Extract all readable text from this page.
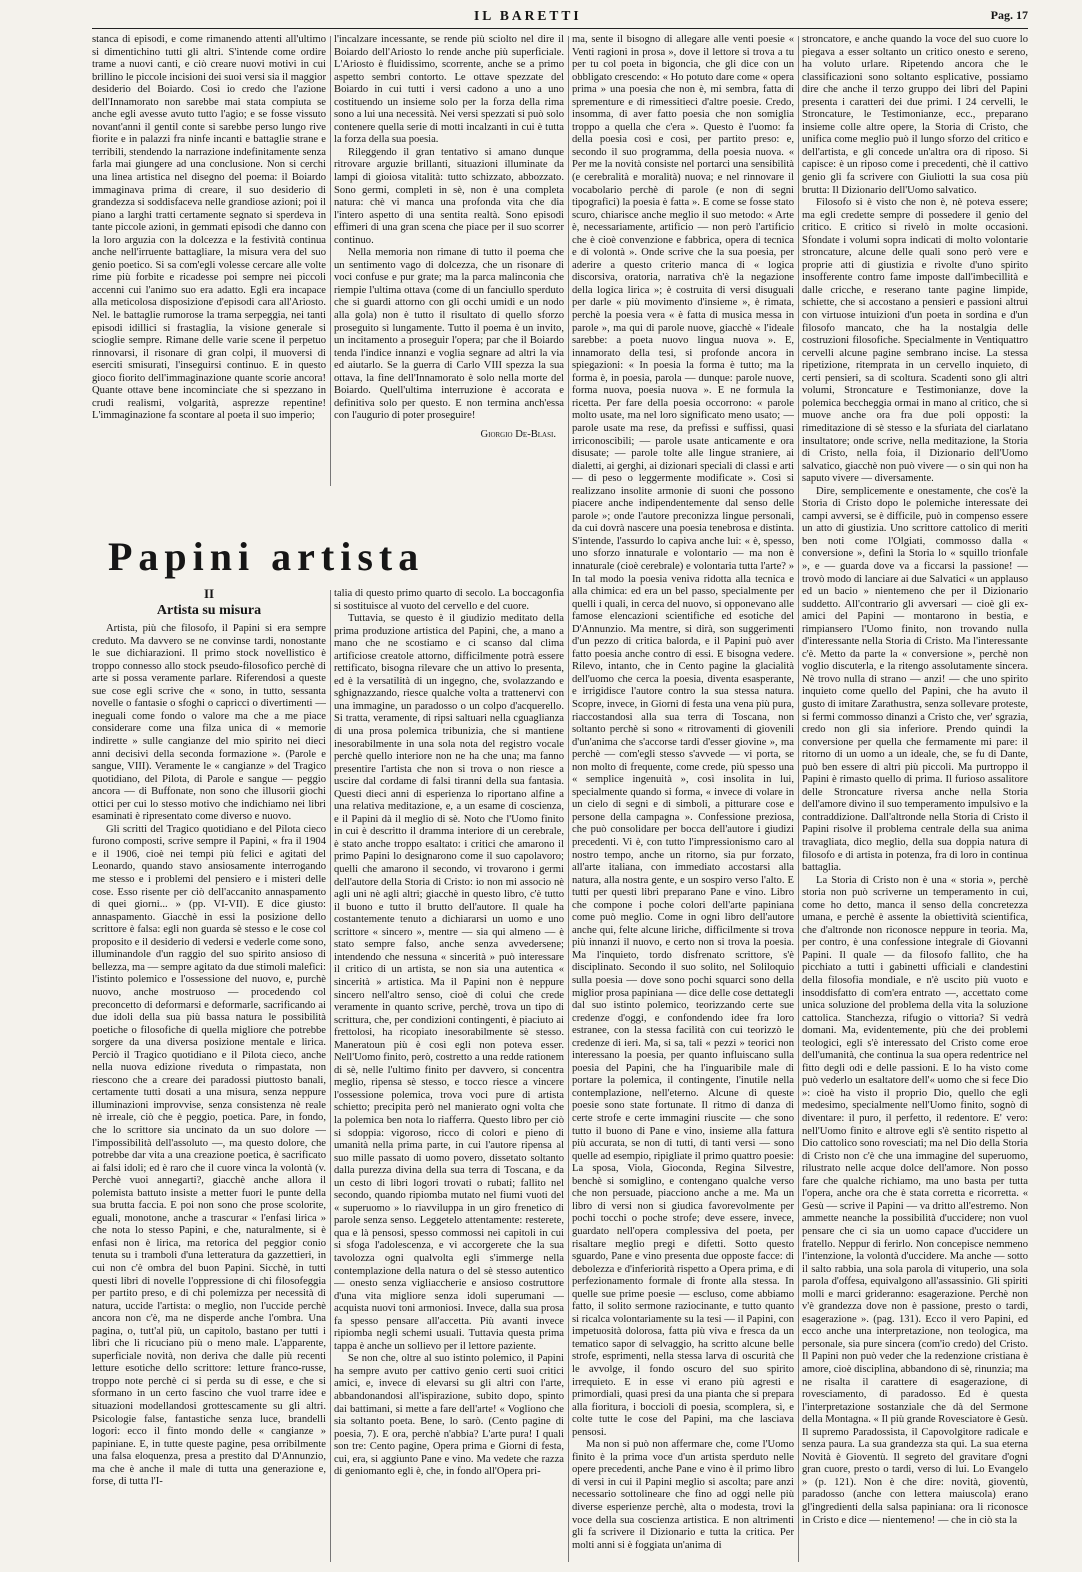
IL BARETTI	Pag. 17

stanca di episodi, e come rimanendo attenti all'ultimo si dimentichino tutti gli altri. S'intende come ordire trame a nuovi canti, e ciò creare nuovi motivi in cui brillino le piccole incisioni dei suoi versi sia il maggior desiderio del Boiardo. Così io credo che l'azione dell'Innamorato non sarebbe mai stata compiuta se anche egli avesse avuto tutto l'agio; e se fosse vissuto novant'anni il gentil conte si sarebbe perso lungo rive fiorite e in palazzi fra ninfe incanti e battaglie strane e terribili, stendendo la narrazione indefinitamente senza farla mai giungere ad una conclusione. Non si cerchi una linea artistica nel disegno del poema: il Boiardo immaginava prima di creare, il suo desiderio di grandezza si soddisfaceva nelle grandiose azioni; poi il piano a larghi tratti certamente segnato si sperdeva in tante piccole azioni, in gemmati episodi che danno con la loro arguzia con la dolcezza e la festività continua anche nell'irruente battagliare, la misura vera del suo genio poetico. Si sa com'egli volesse cercare alle volte rime più forbite e ricadesse poi sempre nei piccoli accenni cui l'animo suo era adatto. Egli era incapace alla meticolosa disposizione d'episodi cara all'Ariosto. Nel. le battaglie rumorose la trama serpeggia, nei tanti episodi idillici si frastaglia, la visione generale si scioglie sempre. Rimane delle varie scene il perpetuo rinnovarsi, il risonare di gran colpi, il muoversi di eserciti smisurati, l'inseguirsi continuo. E in questo gioco fiorito dell'immaginazione quante scorie ancora! Quante ottave bene incominciate che si spezzano in crudi realismi, volgarità, asprezze repentine! L'immaginazione fa scontare al poeta il suo imperio;

l'incalzare incessante, se rende più sciolto nel dire il Boiardo dell'Ariosto lo rende anche più superficiale. L'Ariosto è fluidissimo, scorrente, anche se a primo aspetto sembri contorto. Le ottave spezzate del Boiardo in cui tutti i versi cadono a uno a uno costituendo un insieme solo per la forza della rima sono a lui una necessità. Nei versi spezzati si può solo contenere quella serie di motti incalzanti in cui è tutta la forza della sua poesia.

Rileggendo il gran tentativo si amano dunque ritrovare arguzie brillanti, situazioni illuminate da lampi di gioiosa vitalità: tutto schizzato, abbozzato. Sono germi, completi in sè, non è una completa natura: chè vi manca una profonda vita che dia l'intero aspetto di una sentita realtà. Sono episodi effimeri di una gran scena che piace per il suo scorrer continuo.

Nella memoria non rimane di tutto il poema che un sentimento vago di dolcezza, che un risonare di voci confuse e pur grate; ma la parca malinconia che riempie l'ultima ottava (come di un fanciullo sperduto che si guardi attorno con gli occhi umidi e un nodo alla gola) non è tutto il risultato di quello sforzo proseguito sì lungamente. Tutto il poema è un invito, un incitamento a proseguir l'opera; par che il Boiardo tenda l'indice innanzi e voglia segnare ad altri la via ed aiutarlo. Se la guerra di Carlo VIII spezza la sua ottava, la fine dell'Innamorato è solo nella morte del Boiardo. Quell'ultima interruzione è accorata e definitiva solo per questo. E non termina anch'essa con l'augurio di poter proseguire!

Giorgio De-Blasi.
Papini artista
II
Artista su misura

Artista, più che filosofo, il Papini si era sempre creduto. Ma davvero se ne convinse tardi, nonostante le sue dichiarazioni. Il primo stock novellistico è troppo connesso allo stock pseudo-filosofico perchè di arte si possa veramente parlare. Riferendosi a queste sue cose egli scrive che « sono, in tutto, sessanta novelle o fantasie o sfoghi o capricci o divertimenti — ineguali come fondo o valore ma che a me piace considerare come una filza unica di « memorie indirette » sulle cangianze del mio spirito nei dieci anni decisivi della seconda formazione ». (Parole e sangue, VIII). Veramente le « cangianze » del Tragico quotidiano, del Pilota, di Parole e sangue — peggio ancora — di Buffonate, non sono che illusorii giochi ottici per cui lo stesso motivo che indichiamo nei libri esaminati è ripresentato come diverso e nuovo.

Gli scritti del Tragico quotidiano e del Pilota cieco furono composti, scrive sempre il Papini, « fra il 1904 e il 1906, cioè nei tempi più felici e agitati del Leonardo, quando stavo ansiosamente interrogando me stesso e i problemi del pensiero e i misteri delle cose. Esso risente per ciò dell'accanito annaspamento di quei giorni... » (pp. VI-VII). E dice giusto: annaspamento. Giacchè in essi la posizione dello scrittore è falsa: egli non guarda sè stesso e le cose col proposito e il desiderio di vedersi e vederle come sono, illuminandole d'un raggio del suo spirito ansioso di bellezza, ma — sempre agitato da due stimoli malefici: l'istinto polemico e l'ossessione del nuovo, e, purchè nuovo, anche mostruoso — procedendo col preconcetto di deformarsi e deformarle, sacrificando ai due idoli della sua più bassa natura le possibilità poetiche o filosofiche di quella migliore che potrebbe sorgere da una diversa posizione mentale e lirica. Perciò il Tragico quotidiano e il Pilota cieco, anche nella nuova edizione riveduta o rimpastata, non riescono che a creare dei paradossi piuttosto banali, certamente tutti dosati a una misura, senza neppure illuminazioni improvvise, senza consistenza nè reale nè irreale, ciò che è peggio, poetica. Pare, in fondo, che lo scrittore sia uncinato da un suo dolore — l'impossibilità dell'assoluto —, ma questo dolore, che potrebbe dar vita a una creazione poetica, è sacrificato ai falsi idoli; ed è raro che il cuore vinca la volontà (v. Perchè vuoi annegarti?, giacchè anche allora il polemista battuto insiste a metter fuori le punte della sua brutta faccia. E poi non sono che prose scolorite, eguali, monotone, anche a trascurar « l'enfasi lirica » che nota lo stesso Papini, e che, naturalmente, si è enfasi non è lirica, ma retorica del peggior conio tenuta su i tramboli d'una letteratura da gazzettieri, in cui non c'è ombra del buon Papini. Sicchè, in tutti questi libri di novelle l'oppressione di chi filosofeggia per partito preso, e di chi polemizza per necessità di natura, uccide l'artista: o meglio, non l'uccide perchè ancora non c'è, ma ne disperde anche l'ombra. Una pagina, o, tutt'al più, un capitolo, bastano per tutti i libri che li ricuciano più o meno male. L'apparente, superficiale novità, non deriva che dalle più recenti letture esotiche dello scrittore: letture franco-russe, troppo note perchè ci si perda su di esse, e che si sformano in un certo fascino che vuol trarre idee e situazioni modellandosi grottescamente su gli altri. Psicologie false, fantastiche senza luce, brandelli logori: ecco il finto mondo delle « cangianze » papiniane. E, in tutte queste pagine, pesa orribilmente una falsa eloquenza, presa a prestito dal D'Annunzio, ma che è anche il male di tutta una generazione e, forse, di tutta l'I-

talia di questo primo quarto di secolo. La boccagonfia si sostituisce al vuoto del cervello e del cuore.

Tuttavia, se questo è il giudizio meditato della prima produzione artistica del Papini, che, a mano a mano che ne scostiamo e ci scanso dal clima artificiose creatole attorno, difficilmente potrà essere rettificato, bisogna rilevare che un attivo lo presenta, ed è la versatilità di un ingegno, che, svolazzando e sghignazzando, riesce qualche volta a trattenervi con una immagine, un paradosso o un colpo d'acquerello. Si tratta, veramente, di ripsi saltuari nella cguaglianza di una prosa polemica tribunizia, che si mantiene inesorabilmente in una sola nota del registro vocale perchè quello interiore non ne ha che una; ma fanno presentire l'artista che non si trova o non riesce a uscire dal cordame di falsi tiranni della sua fantasia. Questi dieci anni di esperienza lo riportano alfine a una relativa meditazione, e, a un esame di coscienza, e il Papini dà il meglio di sè. Noto che l'Uomo finito in cui è descritto il dramma interiore di un cerebrale, è stato anche troppo esaltato: i critici che amarono il primo Papini lo designarono come il suo capolavoro; quelli che amarono il secondo, vi trovarono i germi dell'autore della Storia di Cristo: io non mi associo nè agli uni nè agli altri; giacchè in questo libro, c'è tutto il buono e tutto il brutto dell'autore. Il quale ha costantemente tenuto a dichiararsi un uomo e uno scrittore « sincero », mentre — sia qui almeno — è stato sempre falso, anche senza avvedersene; intendendo che nessuna « sincerità » può interessare il critico di un artista, se non sia una autentica « sincerità » artistica. Ma il Papini non è neppure sincero nell'altro senso, cioè di colui che crede veramente in quanto scrive, perchè, trova un tipo di scrittura, che, per condizioni contingenti, è piaciuto ai frettolosi, ha ricopiato inesorabilmente sè stesso. Maneratoun più è così egli non poteva esser. Nell'Uomo finito, però, costretto a una redde rationem di sè, nelle l'ultimo finito per davvero, si concentra meglio, ripensa sè stesso, e tocco riesce a vincere l'ossessione polemica, trova voci pure di artista schietto; precipita però nel manierato ogni volta che la polemica ben nota lo riafferra. Questo libro per ciò si sdoppia: vigoroso, ricco di colori e pieno di umanità nella prima parte, in cui l'autore ripensa al suo mille passato di uomo povero, dissetato soltanto dalla purezza divina della sua terra di Toscana, e da un cesto di libri logori trovati o rubati; fallito nel secondo, quando ripiomba mutato nel fiumi vuoti del « superuomo » lo riavviluppa in un giro frenetico di parole senza senso. Leggetelo attentamente: resterete, qua e là pensosi, spesso commossi nei capitoli in cui si sfoga l'adolescenza, e vi accorgerete che la sua tavolozza ogni qualvolta egli s'immerge nella contemplazione della natura o del sè stesso autentico — onesto senza vigliaccherie e ansioso costruttore d'una vita migliore senza idoli superumani — acquista nuovi toni armoniosi. Invece, dalla sua prosa fa spesso pensare all'accetta. Più avanti invece ripiomba negli schemi usuali. Tuttavia questa prima tappa è anche un sollievo per il lettore paziente.

Se non che, oltre al suo istinto polemico, il Papini ha sempre avuto per cattivo genio certi suoi critici amici, e, invece di elevarsi su gli altri con l'arte, abbandonandosi all'ispirazione, subito dopo, spinto dai battimani, si mette a fare dell'arte! « Vogliono che sia soltanto poeta. Bene, lo sarò. (Cento pagine di poesia, 7). E ora, perchè n'abbia? L'arte pura! I quali son tre: Cento pagine, Opera prima e Giorni di festa, cui, era, si aggiunto Pane e vino. Ma vedete che razza di geniomanto egli è, che, in fondo all'Opera pri-

ma, sente il bisogno di allegare alle venti poesie « Venti ragioni in prosa », dove il lettore si trova a tu per tu col poeta in bigoncia, che gli dice con un obbligato crescendo: « Ho potuto dare come « opera prima » una poesia che non è, mi sembra, fatta di sprementure e di rimessitieci d'altre poesie. Credo, insomma, di aver fatto poesia che non somiglia troppo a quella che c'era ». Questo è l'uomo: fa della poesia così e così, per partito preso: e, secondo il suo programma, della poesia nuova. « Per me la novità consiste nel portarci una sensibilità (e cerebralità e moralità) nuova; e nel rinnovare il vocabolario perchè di parole (e non di segni tipografici) la poesia è fatta ». E come se fosse stato scuro, chiarisce anche meglio il suo metodo: « Arte è, necessariamente, artificio — non però l'artificio che è cioè convenzione e fabbrica, opera di tecnica e di volontà ». Onde scrive che la sua poesia, per aderire a questo criterio manca di « logica discorsiva, oratoria, narrativa ch'è la negazione della logica lirica »; è costruita di versi disuguali per darle « più movimento d'insieme », è rimata, perchè la poesia vera « è fatta di musica messa in parole », ma qui di parole nuove, giacchè « l'ideale sarebbe: a poeta nuovo lingua nuova ». E, innamorato della tesi, si profonde ancora in spiegazioni: « In poesia la forma è tutto; ma la forma è, in poesia, parola — dunque: parole nuove, forma nuova, poesia nuova ». E ne formula la ricetta. Per fare della poesia occorrono: « parole molto usate, ma nel loro significato meno usato; — parole usate ma rese, da prefissi e suffissi, quasi irriconoscibili; — parole usate anticamente e ora disusate; — parole tolte alle lingue straniere, ai dialetti, ai gerghi, ai dizionari speciali di classi e arti — di peso o leggermente modificate ». Così si realizzano insolite armonie di suoni che possono piacere anche indipendentemente dal senso delle parole »; onde l'autore preconizza lingue personali, da cui dovrà nascere una poesia tenebrosa e distinta. S'intende, l'assurdo lo capiva anche lui: « è, spesso, uno sforzo innaturale e volontario — ma non è innaturale (cioè cerebrale) e volontaria tutta l'arte? » In tal modo la poesia veniva ridotta alla tecnica e alla chimica: ed era un bel passo, specialmente per quelli i quali, in cerca del nuovo, si opponevano alle famose elencazioni scientifiche ed esotiche del D'Annunzio. Ma mentre, si dirà, son suggerimenti d'un pezzo di critica balorda, e il Papini può aver fatto poesia anche contro di essi. E bisogna vedere. Rilevo, intanto, che in Cento pagine la glacialità dell'uomo che cerca la poesia, diventa esasperante, e irrigidisce l'autore contro la sua stessa natura. Scopre, invece, in Giorni di festa una vena più pura, riaccostandosi alla sua terra di Toscana, non soltanto perchè si sono « ritrovamenti di giovenili d'un'anima che s'accorse tardi d'esser giovine », ma perchè — com'egli stesso s'avvede — vi porta, se non molto di frequente, come crede, più spesso una « semplice ingenuità », così insolita in lui, specialmente quando si forma, « invece di volare in un cielo di segni e di simboli, a pitturare cose e persone della campagna ». Confessione preziosa, che può consolidare per bocca dell'autore i giudizi precedenti. Vi è, con tutto l'impressionismo caro al nostro tempo, anche un ritorno, sia pur forzato, all'arte italiana, con immediato accostarsi alla natura, alla nostra gente, e un sospiro verso l'alto. E tutti per questi libri preparano Pane e vino. Libro che compone i poche colori dell'arte papiniana come può meglio. Come in ogni libro dell'autore anche qui, felte alcune liriche, difficilmente si trova più innanzi il nuovo, e certo non si trova la poesia. Ma l'inquieto, tordo disfrenato scrittore, s'è disciplinato. Secondo il suo solito, nel Soliloquio sulla poesia — dove sono pochi squarci sono della miglior prosa papiniana — dice delle cose dettategli dal suo istinto polemico, teorizzando certe sue credenze d'oggi, e confondendo idee fra loro estranee, con la stessa facilità con cui teorizzò le credenze di ieri. Ma, si sa, tali « pezzi » teorici non interessano la poesia, per quanto influiscano sulla poesia del Papini, che ha l'inguaribile male di portare la polemica, il contingente, l'inutile nella contemplazione, nell'eterno. Alcune di queste poesie sono state fortunate. Il ritmo di danza di certe strofe e certe immagini riuscite — che sono tutto il buono di Pane e vino, insieme alla fattura più accurata, se non di tutti, di tanti versi — sono quelle ad esempio, ripigliate il primo quattro poesie: La sposa, Viola, Gioconda, Regina Silvestre, benchè si somiglino, e contengano qualche verso che non persuade, piacciono anche a me. Ma un libro di versi non si giudica favorevolmente per pochi tocchi o poche strofe; deve essere, invece, guardato nell'opera complessiva del poeta, per risaltare meglio pregi e difetti. Sotto questo sguardo, Pane e vino presenta due opposte facce: di debolezza e d'inferiorità rispetto a Opera prima, e di perfezionamento formale di fronte alla stessa. In quelle sue prime poesie — escluso, come abbiamo fatto, il solito sermone raziocinante, e tutto quanto si ricalca volontariamente su la tesi — il Papini, con impetuosità dolorosa, fatta più viva e fresca da un tematico sapor di selvaggio, ha scritto alcune belle strofe, esprimenti, nella stessa larva di oscurità che le avvolge, il fondo oscuro del suo spirito irrequieto. E in esse vi erano più agresti e primordiali, quasi presi da una pianta che si prepara alla fioritura, i boccioli di poesia, scomplera, sì, e colte tutte le cose del Papini, ma che lasciava pensosi.

Ma non si può non affermare che, come l'Uomo finito è la prima voce d'un artista sperduto nelle opere precedenti, anche Pane e vino è il primo libro di versi in cui il Papini meglio si ascolta; pare anzi necessario sottolineare che fino ad oggi nelle più diverse esperienze perchè, alta o modesta, trovi la voce della sua coscienza artistica. E non altrimenti gli fa scrivere il Dizionario e tutta la critica. Per molti anni si è foggiata un'anima di

stroncatore, e anche quando la voce del suo cuore lo piegava a esser soltanto un critico onesto e sereno, ha voluto urlare. Ripetendo ancora che le classificazioni sono soltanto esplicative, possiamo dire che anche il terzo gruppo dei libri del Papini presenta i caratteri dei due primi. I 24 cervelli, le Stroncature, le Testimonianze, ecc., preparano insieme colle altre opere, la Storia di Cristo, che unifica come meglio può il lungo sforzo del critico e dell'artista, e gli concede un'altra ora di riposo. Si capisce: è un riposo come i precedenti, chè il cattivo genio gli fa scrivere con Giuliotti la sua cosa più brutta: Il Dizionario dell'Uomo salvatico.

Filosofo si è visto che non è, nè poteva essere; ma egli credette sempre di possedere il genio del critico. E critico si rivelò in molte occasioni. Sfondate i volumi sopra indicati di molto volontarie stroncature, alcune delle quali sono però vere e proprie atti di giustizia e rivolte d'uno spirito insofferente contro fame imposte dall'imbecillità e dalle cricche, e reserano tante pagine limpide, schiette, che si accostano a pensieri e passioni altrui con virtuose intuizioni d'un poeta in sordina e d'un filosofo mancato, che ha la nostalgia delle costruzioni filosofiche. Specialmente in Ventiquattro cervelli alcune pagine sembrano incise. La stessa ripetizione, ritemprata in un cervello inquieto, di certi pensieri, sa di scoltura. Scadenti sono gli altri volumi, Stroncature e Testimonianze, dove la polemica beccheggia ormai in mano al critico, che si muove anche ora fra due poli opposti: la rimeditazione di sè stesso e la sfuriata del ciarlatano insultatore; onde scrive, nella meditazione, la Storia di Cristo, nella foia, il Dizionario dell'Uomo salvatico, giacchè non può vivere — o sin qui non ha saputo vivere — diversamente.

Dire, semplicemente e onestamente, che cos'è la Storia di Cristo dopo le polemiche interessate dei campi avversi, se è difficile, può in compenso essere un atto di giustizia. Uno scrittore cattolico di meriti ben noti come l'Olgiati, commosso dalla « conversione », definì la Storia lo « squillo trionfale », e — guarda dove va a ficcarsi la passione! — trovò modo di lanciare ai due Salvatici « un applauso ed un bacio » nientemeno che per il Dizionario suddetto. All'contrario gli avversari — cioè gli ex-amici del Papini — montarono in bestia, e rimpiansero l'Uomo finito, non trovando nulla d'interessante nella Storia di Cristo. Ma l'interessante c'è. Metto da parte la « conversione », perchè non voglio discuterla, e la ritengo assolutamente sincera. Nè trovo nulla di strano — anzi! — che uno spirito inquieto come quello del Papini, che ha avuto il gusto di imitare Zarathustra, senza sollevare proteste, si fermi commosso dinanzi a Cristo che, ver' sgrazia, credo non gli sia inferiore. Prendo quindi la conversione per quella che fermamente mi pare: il ritorno di un uomo a un ideale, che, se fu di Dante, può ben essere di altri più piccoli. Ma purtroppo il Papini è rimasto quello di prima. Il furioso assalitore delle Stroncature riversa anche nella Storia dell'amore divino il suo temperamento impulsivo e la contraddizione. Dall'altronde nella Storia di Cristo il Papini risolve il problema centrale della sua anima travagliata, dico meglio, della sua doppia natura di filosofo e di artista in potenza, fra di loro in continua battaglia.

La Storia di Cristo non è una « storia », perchè storia non può scriverne un temperamento in cui, come ho detto, manca il senso della concretezza umana, e perchè è assente la obiettività scientifica, che d'altronde non riconosce neppure in teoria. Ma, per contro, è una confessione integrale di Giovanni Papini. Il quale — da filosofo fallito, che ha picchiato a tutti i gabinetti ufficiali e clandestini della filosofia mondiale, e n'è uscito più vuoto e insoddisfatto di com'era entrato —, accettato come unica soluzione del problema della vita la soluzione cattolica. Stanchezza, rifugio o vittoria? Si vedrà domani. Ma, evidentemente, più che dei problemi teologici, egli s'è interessato del Cristo come eroe dell'umanità, che continua la sua opera redentrice nel fitto degli odi e delle passioni. E lo ha visto come può vederlo un esaltatore dell'« uomo che si fece Dio »: cioè ha visto il proprio Dio, quello che egli medesimo, specialmente nell'Uomo finito, sognò di diventare: il puro, il perfetto, il redentore. E' vero: nell'Uomo finito e altrove egli s'è sentito rispetto al Dio cattolico sono rovesciati; ma nel Dio della Storia di Cristo non c'è che una immagine del superuomo, rilustrato nelle acque dolce dell'amore. Non posso fare che qualche richiamo, ma uno basta per tutta l'opera, anche ora che è stata corretta e ricorretta. « Gesù — scrive il Papini — va dritto all'estremo. Non ammette neanche la possibilità d'uccidere; non vuol pensare che ci sia un uomo capace d'uccidere un fratello. Neppur di ferirlo. Non concepisce nemmeno l'intenzione, la volontà d'uccidere. Ma anche — sotto il salto rabbia, una sola parola di vituperio, una sola parola d'offesa, equivalgono all'assassinio. Gli spiriti molli e marci grideranno: esagerazione. Perchè non v'è grandezza dove non è passione, presto o tardi, esagerazione ». (pag. 131). Ecco il vero Papini, ed ecco anche una interpretazione, non teologica, ma personale, sia pure sincera (com'io credo) del Cristo. Il Papini non può veder che la redenzione cristiana è amore, cioè disciplina, abbandono di sè, rinunzia; ma ne risalta il carattere di esagerazione, di rovesciamento, di paradosso. Ed è questa l'interpretazione sostanziale che dà del Sermone della Montagna. « Il più grande Rovesciatore è Gesù. Il supremo Paradossista, il Capovolgitore radicale e senza paura. La sua grandezza sta qui. La sua eterna Novità è Gioventù. Il segreto del gravitare d'ogni gran cuore, presto o tardi, verso di lui. Lo Evangelo » (p. 121). Non è che dire: novità, gioventù, paradosso (anche con lettera maiuscola) erano gl'ingredienti della salsa papiniana: ora li riconosce in Cristo e dice — nientemeno! — che in ciò sta la
